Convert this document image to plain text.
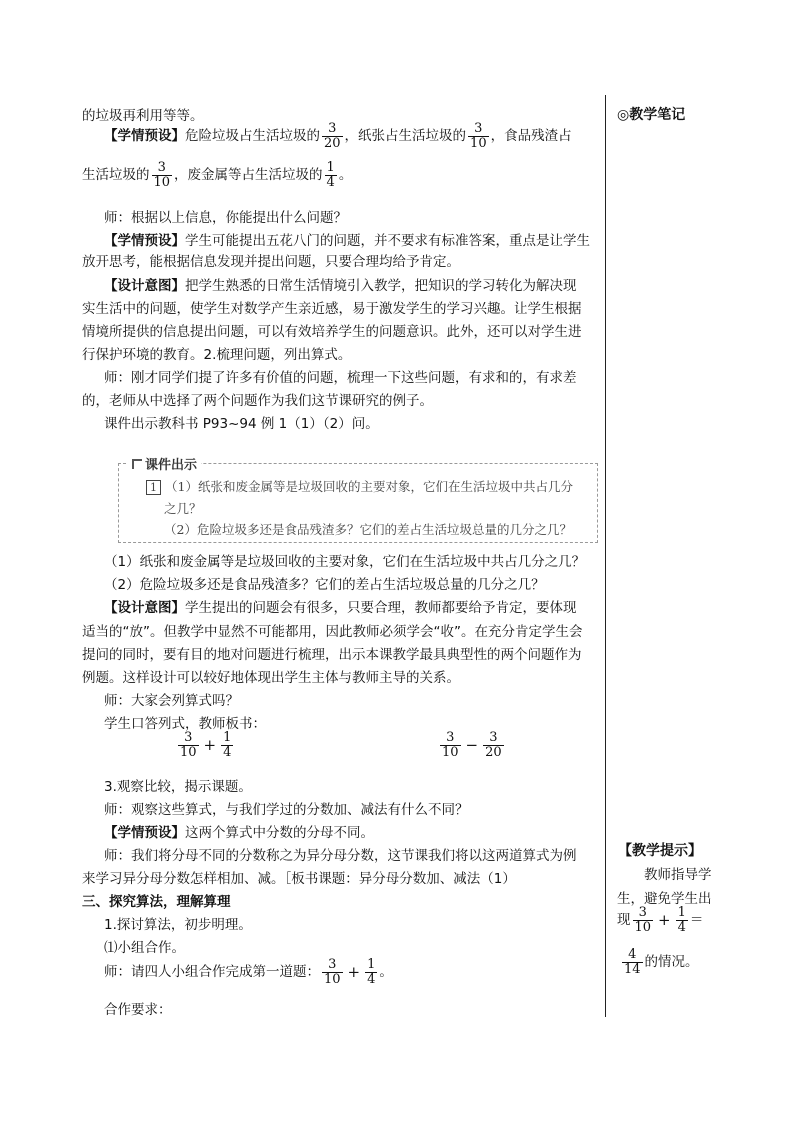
◎教学笔记
【教学提示】
教师指导学
生，避免学生出
现 $\frac{3}{10} + \frac{1}{4}$ ＝
$\frac{4}{14}$ 的情况。
的垃圾再利用等等。
【学情预设】危险垃圾占生活垃圾的 $\frac{3}{20}$ ，纸张占生活垃圾的 $\frac{3}{10}$ ，食品残渣占
生活垃圾的 $\frac{3}{10}$ ，废金属等占生活垃圾的 $\frac{1}{4}$ 。
师：根据以上信息，你能提出什么问题？
【学情预设】学生可能提出五花八门的问题，并不要求有标准答案，重点是让学生
放开思考，能根据信息发现并提出问题，只要合理均给予肯定。
【设计意图】把学生熟悉的日常生活情境引入教学，把知识的学习转化为解决现
实生活中的问题，使学生对数学产生亲近感，易于激发学生的学习兴趣。让学生根据
情境所提供的信息提出问题，可以有效培养学生的问题意识。此外，还可以对学生进
行保护环境的教育。2.梳理问题，列出算式。
师：刚才同学们提了许多有价值的问题，梳理一下这些问题，有求和的，有求差
的，老师从中选择了两个问题作为我们这节课研究的例子。
课件出示教科书 P93~94 例 1（1）（2）问。
课件出示
1 （1）纸张和废金属等是垃圾回收的主要对象，它们在生活垃圾中共占几分
之几？
（2）危险垃圾多还是食品残渣多？它们的差占生活垃圾总量的几分之几？
（1）纸张和废金属等是垃圾回收的主要对象，它们在生活垃圾中共占几分之几？
（2）危险垃圾多还是食品残渣多？它们的差占生活垃圾总量的几分之几？
【设计意图】学生提出的问题会有很多，只要合理，教师都要给予肯定，要体现
适当的“放”。但教学中显然不可能都用，因此教师必须学会“收”。在充分肯定学生会
提问的同时，要有目的地对问题进行梳理，出示本课教学最具典型性的两个问题作为
例题。这样设计可以较好地体现出学生主体与教师主导的关系。
师：大家会列算式吗？
学生口答列式，教师板书：
$\frac{3}{10} + \frac{1}{4}$	$\frac{3}{10} - \frac{3}{20}$
3.观察比较，揭示课题。
师：观察这些算式，与我们学过的分数加、减法有什么不同？
【学情预设】这两个算式中分数的分母不同。
师：我们将分母不同的分数称之为异分母分数，这节课我们将以这两道算式为例
来学习异分母分数怎样相加、减。［板书课题：异分母分数加、减法（1）
三、探究算法，理解算理
1.探讨算法，初步明理。
⑴小组合作。
师：请四人小组合作完成第一道题： $\frac{3}{10} + \frac{1}{4}$ 。
合作要求：
